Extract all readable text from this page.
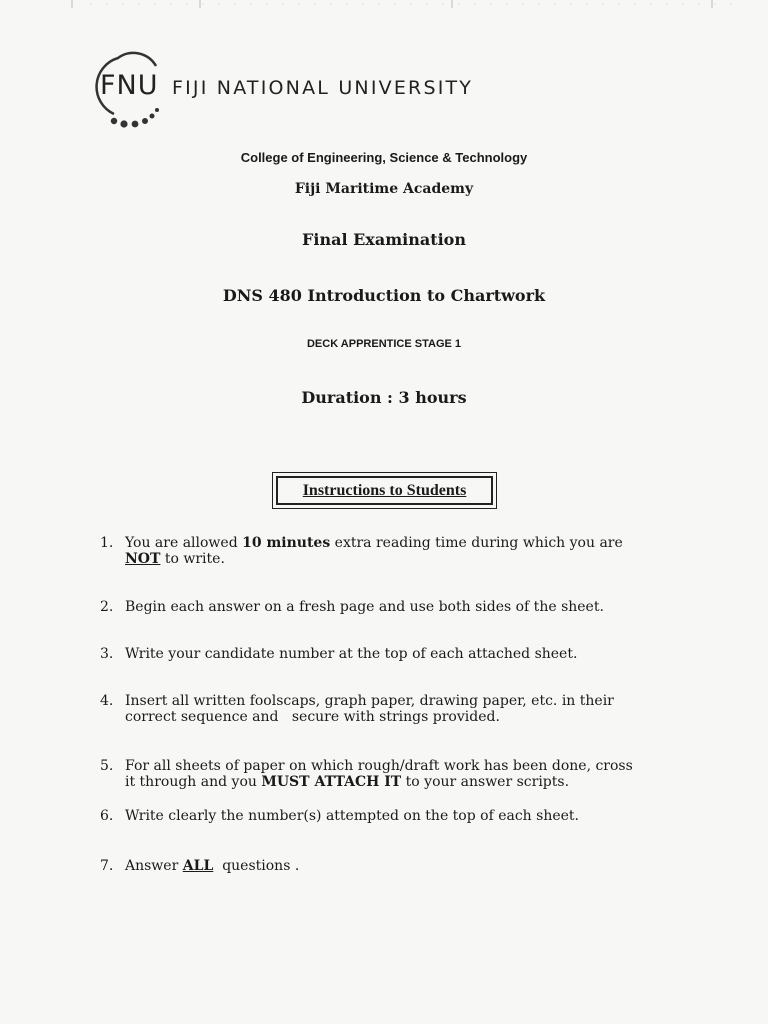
FNU FIJI NATIONAL UNIVERSITY
College of Engineering, Science & Technology
Fiji Maritime Academy
Final Examination
DNS 480 Introduction to Chartwork
DECK APPRENTICE STAGE 1
Duration : 3 hours
Instructions to Students
1. You are allowed 10 minutes extra reading time during which you are
NOT to write.
2. Begin each answer on a fresh page and use both sides of the sheet.
3. Write your candidate number at the top of each attached sheet.
4. Insert all written foolscaps, graph paper, drawing paper, etc. in their
correct sequence and   secure with strings provided.
5. For all sheets of paper on which rough/draft work has been done, cross
it through and you MUST ATTACH IT to your answer scripts.
6. Write clearly the number(s) attempted on the top of each sheet.
7. Answer ALL  questions .
